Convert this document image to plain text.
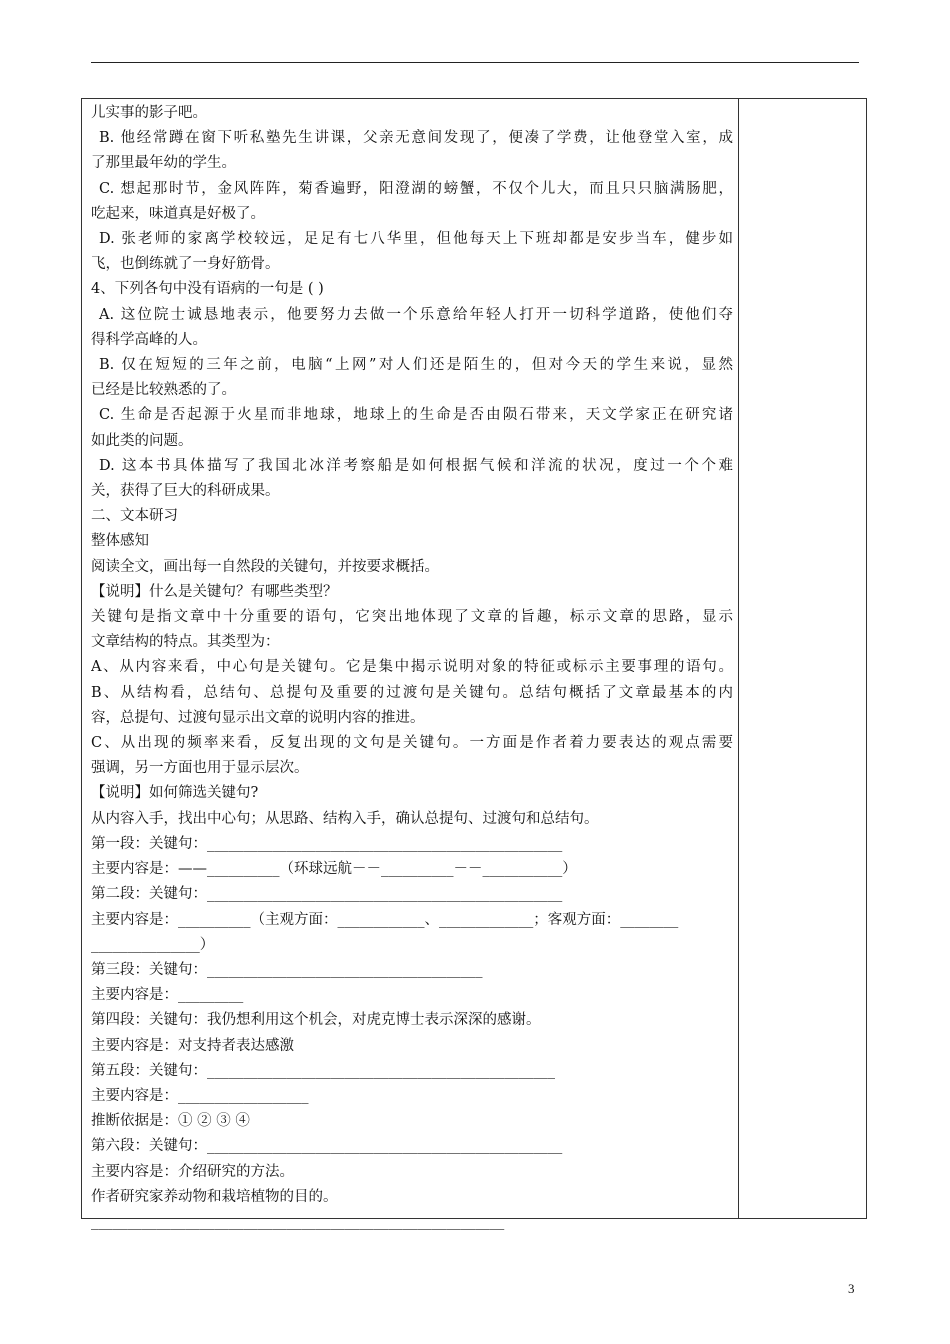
儿实事的影子吧。
B. 他经常蹲在窗下听私塾先生讲课，父亲无意间发现了，便凑了学费，让他登堂入室，成
了那里最年幼的学生。
C. 想起那时节，金风阵阵，菊香遍野，阳澄湖的螃蟹，不仅个儿大，而且只只脑满肠肥，
吃起来，味道真是好极了。
D. 张老师的家离学校较远，足足有七八华里，但他每天上下班却都是安步当车，健步如
飞，也倒练就了一身好筋骨。
4、下列各句中没有语病的一句是 ( )
A. 这位院士诚恳地表示，他要努力去做一个乐意给年轻人打开一切科学道路，使他们夺
得科学高峰的人。
B. 仅在短短的三年之前，电脑“上网”对人们还是陌生的，但对今天的学生来说，显然
已经是比较熟悉的了。
C. 生命是否起源于火星而非地球，地球上的生命是否由陨石带来，天文学家正在研究诸
如此类的问题。
D. 这本书具体描写了我国北冰洋考察船是如何根据气候和洋流的状况，度过一个个难
关，获得了巨大的科研成果。
二、文本研习
整体感知
阅读全文，画出每一自然段的关键句，并按要求概括。
【说明】什么是关键句？有哪些类型？
关键句是指文章中十分重要的语句，它突出地体现了文章的旨趣，标示文章的思路，显示
文章结构的特点。其类型为：
A、从内容来看，中心句是关键句。它是集中揭示说明对象的特征或标示主要事理的语句。
B、从结构看，总结句、总提句及重要的过渡句是关键句。总结句概括了文章最基本的内
容，总提句、过渡句显示出文章的说明内容的推进。
C、从出现的频率来看，反复出现的文句是关键句。一方面是作者着力要表达的观点需要
强调，另一方面也用于显示层次。
【说明】如何筛选关键句?
从内容入手，找出中心句；从思路、结构入手，确认总提句、过渡句和总结句。
第一段：关键句：_________________________________________________
主要内容是：——__________（环球远航－－__________－－___________）
第二段：关键句：_________________________________________________
主要内容是：__________（主观方面：____________、_____________；客观方面：________
_______________）
第三段：关键句：______________________________________
主要内容是：_________
第四段：关键句：我仍想利用这个机会，对虎克博士表示深深的感谢。
主要内容是：对支持者表达感激
第五段：关键句：________________________________________________
主要内容是：__________________
推断依据是：① ② ③ ④
第六段：关键句：_________________________________________________
主要内容是：介绍研究的方法。
作者研究家养动物和栽培植物的目的。
_________________________________________________________
3
